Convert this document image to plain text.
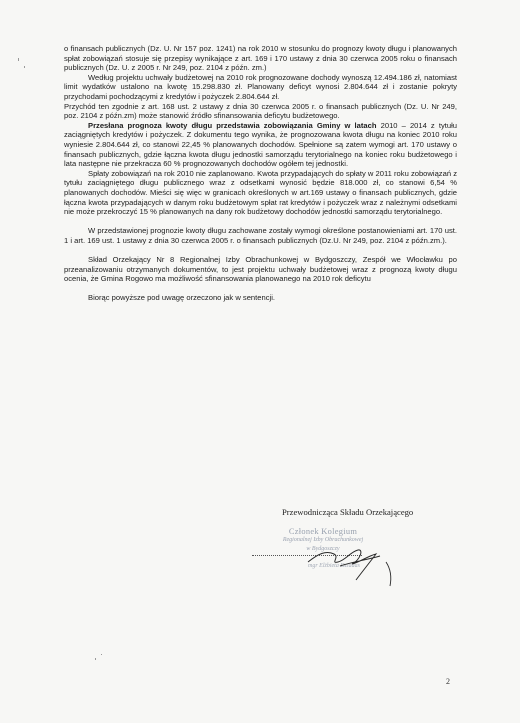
o finansach publicznych (Dz. U. Nr 157 poz. 1241) na rok 2010 w stosunku do prognozy kwoty długu i planowanych spłat zobowiązań stosuje się przepisy wynikające z art. 169 i 170 ustawy z dnia 30 czerwca 2005 roku o finansach publicznych (Dz. U. z 2005 r. Nr 249, poz. 2104 z późn. zm.)

Według projektu uchwały budżetowej na 2010 rok prognozowane dochody wynoszą 12.494.186 zł, natomiast limit wydatków ustalono na kwotę 15.298.830 zł. Planowany deficyt wynosi 2.804.644 zł i zostanie pokryty przychodami pochodzącymi z kredytów i pożyczek 2.804.644 zł.

Przychód ten zgodnie z art. 168 ust. 2 ustawy z dnia 30 czerwca 2005 r. o finansach publicznych (Dz. U. Nr 249, poz. 2104 z późn.zm) może stanowić źródło sfinansowania deficytu budżetowego.

Przesłana prognoza kwoty długu przedstawia zobowiązania Gminy w latach 2010 – 2014 z tytułu zaciągniętych kredytów i pożyczek. Z dokumentu tego wynika, że prognozowana kwota długu na koniec 2010 roku wyniesie 2.804.644 zł, co stanowi 22,45 % planowanych dochodów. Spełnione są zatem wymogi art. 170 ustawy o finansach publicznych, gdzie łączna kwota długu jednostki samorządu terytorialnego na koniec roku budżetowego i lata następne nie przekracza 60 % prognozowanych dochodów ogółem tej jednostki.

Spłaty zobowiązań na rok 2010 nie zaplanowano. Kwota przypadających do spłaty w 2011 roku zobowiązań z tytułu zaciągniętego długu publicznego wraz z odsetkami wynosić będzie 818.000 zł, co stanowi 6,54 % planowanych dochodów. Mieści się więc w granicach określonych w art.169 ustawy o finansach publicznych, gdzie łączna kwota przypadających w danym roku budżetowym spłat rat kredytów i pożyczek wraz z należnymi odsetkami nie może przekroczyć 15 % planowanych na dany rok budżetowy dochodów jednostki samorządu terytorialnego.

W przedstawionej prognozie kwoty długu zachowane zostały wymogi określone postanowieniami art. 170 ust. 1 i art. 169 ust. 1 ustawy z dnia 30 czerwca 2005 r. o finansach publicznych (Dz.U. Nr 249, poz. 2104 z późn.zm.).

Skład Orzekający Nr 8 Regionalnej Izby Obrachunkowej w Bydgoszczy, Zespół we Włocławku po przeanalizowaniu otrzymanych dokumentów, to jest projektu uchwały budżetowej wraz z prognozą kwoty długu ocenia, że Gmina Rogowo ma możliwość sfinansowania planowanego na 2010 rok deficytu

Biorąc powyższe pod uwagę orzeczono jak w sentencji.

Przewodnicząca Składu Orzekającego
Członek Kolegium
Regionalnej Izby Obrachunkowej
w Bydgoszczy
mgr Elżbieta Dziadas
2
